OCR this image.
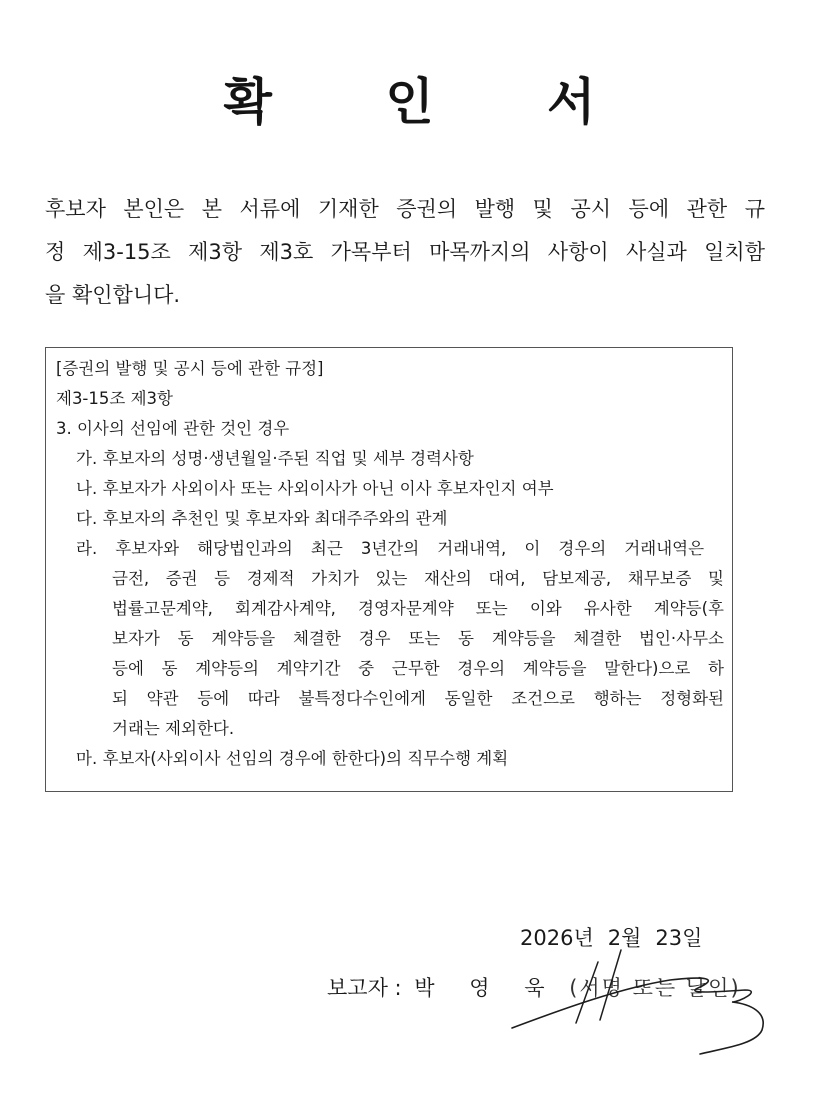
확 인 서
후보자 본인은 본 서류에 기재한 증권의 발행 및 공시 등에 관한 규
정 제3-15조 제3항 제3호 가목부터 마목까지의 사항이 사실과 일치함
을 확인합니다.
[증권의 발행 및 공시 등에 관한 규정]
제3-15조 제3항
3. 이사의 선임에 관한 것인 경우
가. 후보자의 성명·생년월일·주된 직업 및 세부 경력사항
나. 후보자가 사외이사 또는 사외이사가 아닌 이사 후보자인지 여부
다. 후보자의 추천인 및 후보자와 최대주주와의 관계
라. 후보자와 해당법인과의 최근 3년간의 거래내역, 이 경우의 거래내역은
금전, 증권 등 경제적 가치가 있는 재산의 대여, 담보제공, 채무보증 및
법률고문계약, 회계감사계약, 경영자문계약 또는 이와 유사한 계약등(후
보자가 동 계약등을 체결한 경우 또는 동 계약등을 체결한 법인·사무소
등에 동 계약등의 계약기간 중 근무한 경우의 계약등을 말한다)으로 하
되 약관 등에 따라 불특정다수인에게 동일한 조건으로 행하는 정형화된
거래는 제외한다.
마. 후보자(사외이사 선임의 경우에 한한다)의 직무수행 계획
2026년 2월 23일
보고자 : 박 영 욱 (서명 또는 날인)
